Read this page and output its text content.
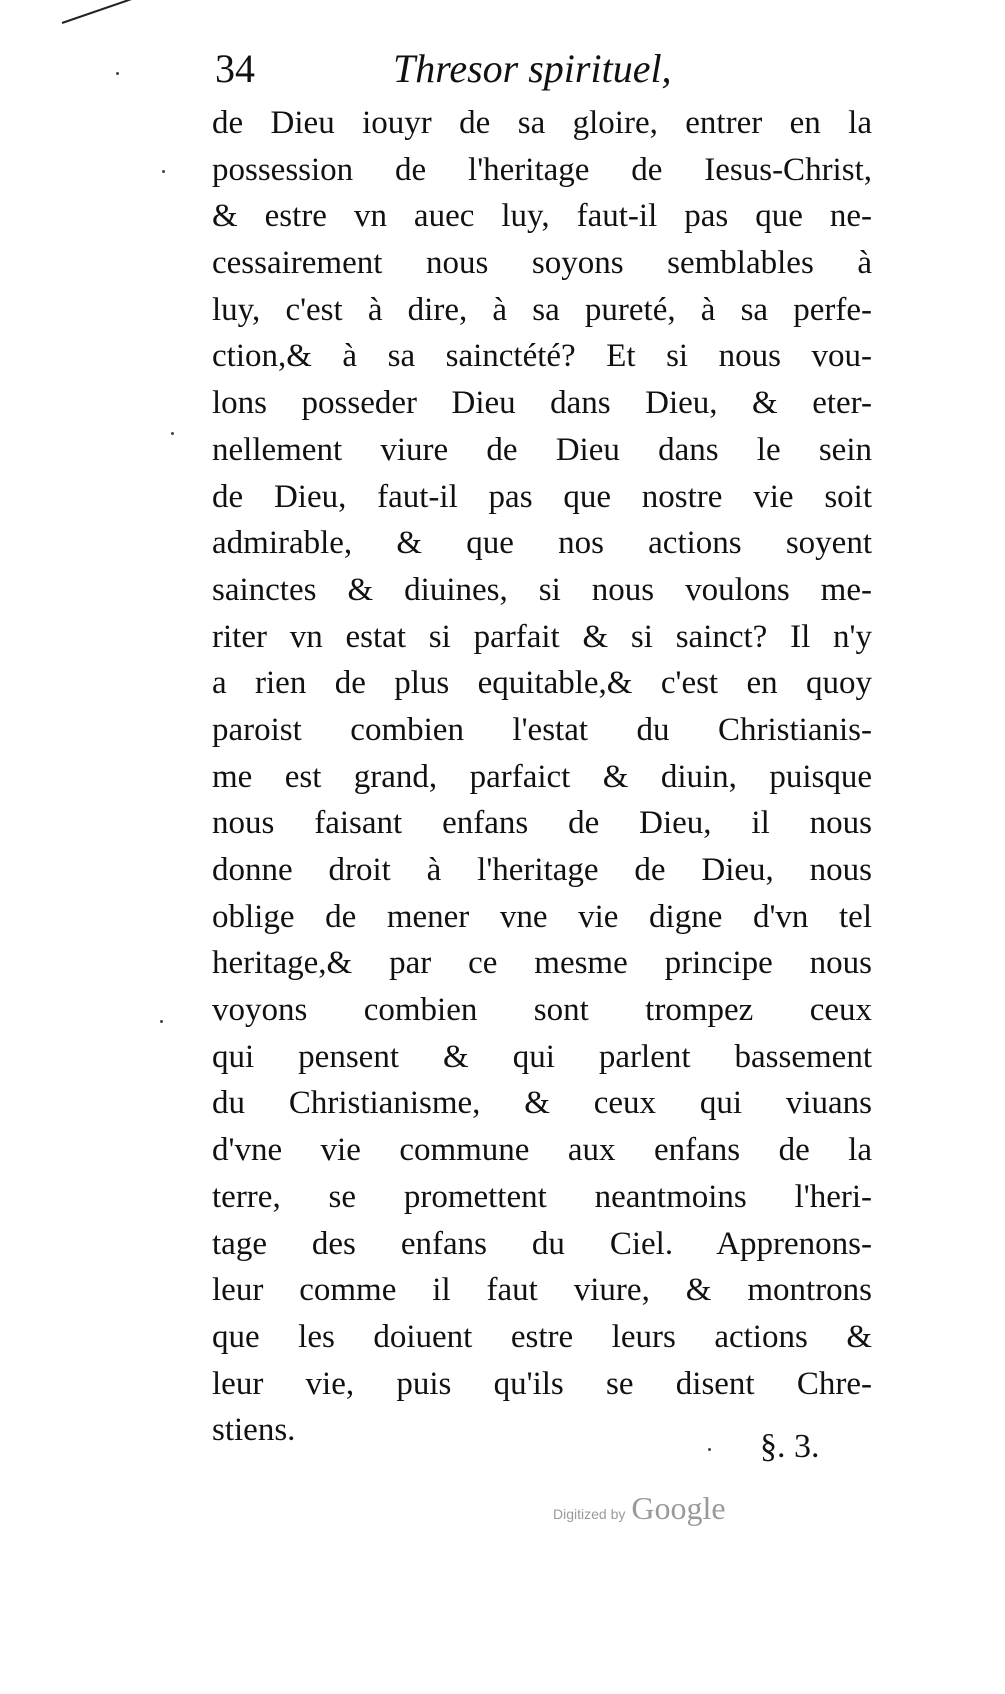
34	Thresor spirituel,
de Dieu iouyr de sa gloire, entrer en la
possession de l'heritage de Iesus-Christ,
& estre vn auec luy, faut-il pas que ne-
cessairement nous soyons semblables à
luy, c'est à dire, à sa pureté, à sa perfe-
ction,& à sa sainctété? Et si nous vou-
lons posseder Dieu dans Dieu, & eter-
nellement viure de Dieu dans le sein
de Dieu, faut-il pas que nostre vie soit
admirable, & que nos actions soyent
sainctes & diuines, si nous voulons me-
riter vn estat si parfait & si sainct? Il n'y
a rien de plus equitable,& c'est en quoy
paroist combien l'estat du Christianis-
me est grand, parfaict & diuin, puisque
nous faisant enfans de Dieu, il nous
donne droit à l'heritage de Dieu, nous
oblige de mener vne vie digne d'vn tel
heritage,& par ce mesme principe nous
voyons combien sont trompez ceux
qui pensent & qui parlent bassement
du Christianisme, & ceux qui viuans
d'vne vie commune aux enfans de la
terre, se promettent neantmoins l'heri-
tage des enfans du Ciel. Apprenons-
leur comme il faut viure, & montrons
que les doiuent estre leurs actions &
leur vie, puis qu'ils se disent Chre-
stiens.	§. 3.
Digitized by Google
